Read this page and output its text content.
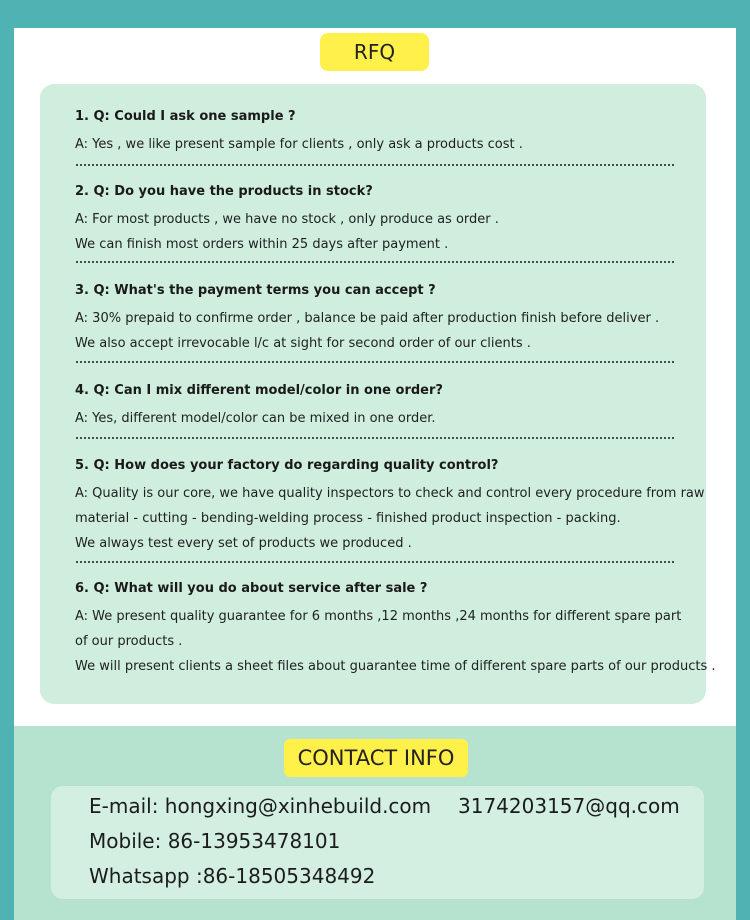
RFQ
1. Q: Could I ask one sample ?
A: Yes , we like present sample for clients , only ask a products cost .
2. Q: Do you have the products in stock?
A: For most products , we have no stock , only produce as order .
We can finish most orders within 25 days after payment .
3. Q: What's the payment terms you can accept ?
A: 30% prepaid to confirme order , balance be paid after production finish before deliver .
We also accept irrevocable l/c at sight for second order of our clients .
4. Q: Can I mix different model/color in one order?
A: Yes, different model/color can be mixed in one order.
5. Q: How does your factory do regarding quality control?
A: Quality is our core, we have quality inspectors to check and control every procedure from raw
material - cutting - bending-welding process - finished product inspection - packing.
We always test every set of products we produced .
6. Q: What will you do about service after sale ?
A: We present quality guarantee for 6 months ,12 months ,24 months for different spare part
of our products .
We will present clients a sheet files about guarantee time of different spare parts of our products .
CONTACT INFO
E-mail: hongxing@xinhebuild.com 3174203157@qq.com
Mobile: 86-13953478101
Whatsapp :86-18505348492
